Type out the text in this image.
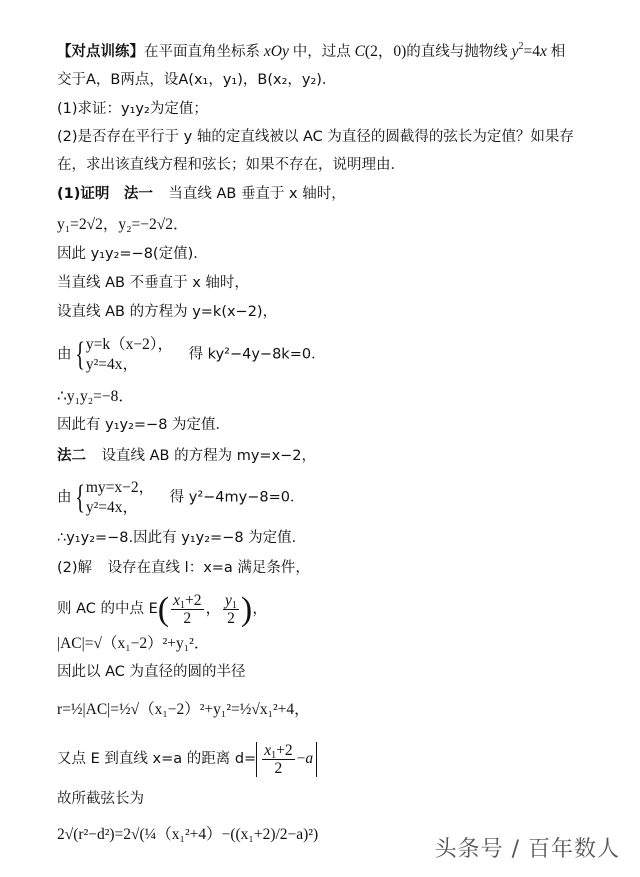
【对点训练】在平面直角坐标系 xOy 中，过点 C(2，0)的直线与抛物线 $y^2=4x$ 相
交于A，B两点，设A(x₁，y₁)，B(x₂，y₂)．
(1)求证：y₁y₂为定值；
(2)是否存在平行于 y 轴的定直线被以 AC 为直径的圆截得的弦长为定值？如果存
在，求出该直线方程和弦长；如果不存在，说明理由．
(1)证明　法一　 当直线 AB 垂直于 x 轴时，
y₁=2√2，y₂=−2√2．
因此 y₁y₂=−8(定值)．
当直线 AB 不垂直于 x 轴时，
设直线 AB 的方程为 y=k(x−2)，
由{ y=k（x−2），
y²=4x，
　得 ky²−4y−8k=0．
∴y₁y₂=−8．
因此有 y₁y₂=−8 为定值．
法二　 设直线 AB 的方程为 my=x−2，
由{ my=x−2，
y²=4x，
　得 y²−4my−8=0．
∴y₁y₂=−8.因此有 y₁y₂=−8 为定值．
(2)解　 设存在直线 l：x=a 满足条件，
则 AC 的中点 $E( \frac{x_1+2}{2}$ ， $\frac{y_1}{2}$ )，
|AC|=√（x₁−2）²+y₁²．
因此以 AC 为直径的圆的半径
r=½|AC|=½√（x₁−2）²+y₁²=½√x₁²+4，
又点 E 到直线 x=a 的距离 $d= \frac{x_1+2}{2} -a$
故所截弦长为
2√(r²−d²)=2√(¼（x₁²+4）−((x₁+2)/2−a)²)
头条号 / 百年数人
